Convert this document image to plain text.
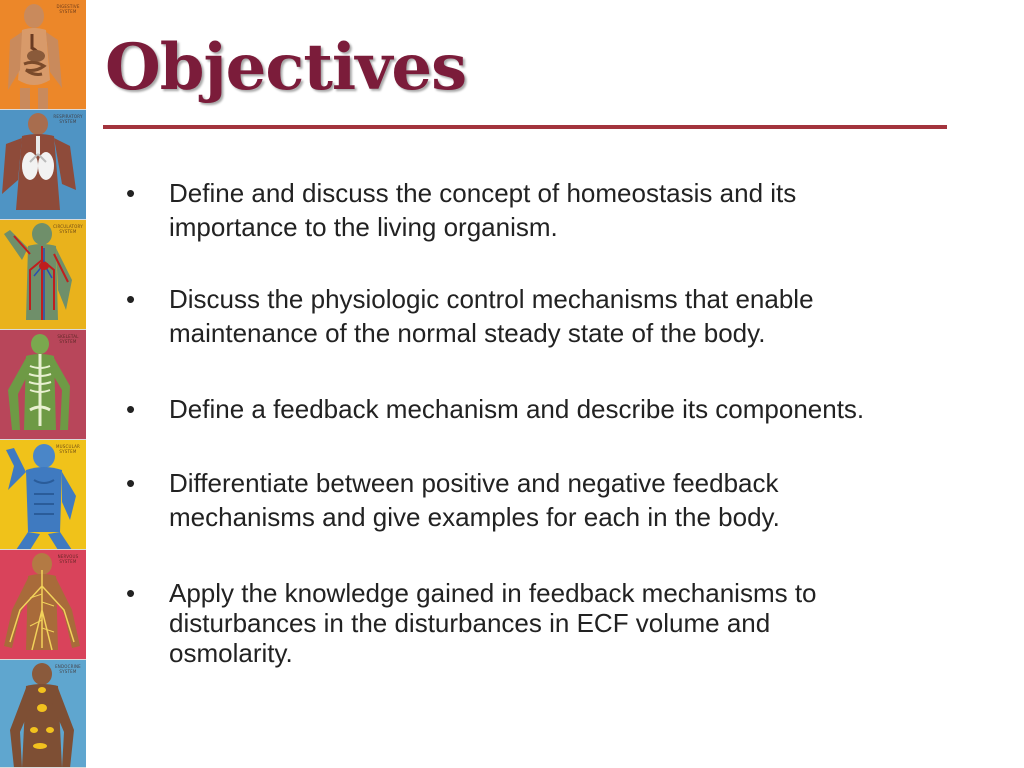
DIGESTIVE SYSTEM
RESPIRATORY SYSTEM
CIRCULATORY SYSTEM
SKELETAL SYSTEM
MUSCULAR SYSTEM
NERVOUS SYSTEM
ENDOCRINE SYSTEM
Objectives
•	Define and discuss the concept of homeostasis and its
importance to the living organism.
•	Discuss the physiologic control mechanisms that enable
maintenance of the normal steady state of the body.
•	Define a feedback mechanism and describe its components.
•	Differentiate between positive and negative feedback
mechanisms and give examples for each in the body.
•	Apply the knowledge gained in feedback mechanisms to
disturbances in the disturbances in ECF volume and
osmolarity.
